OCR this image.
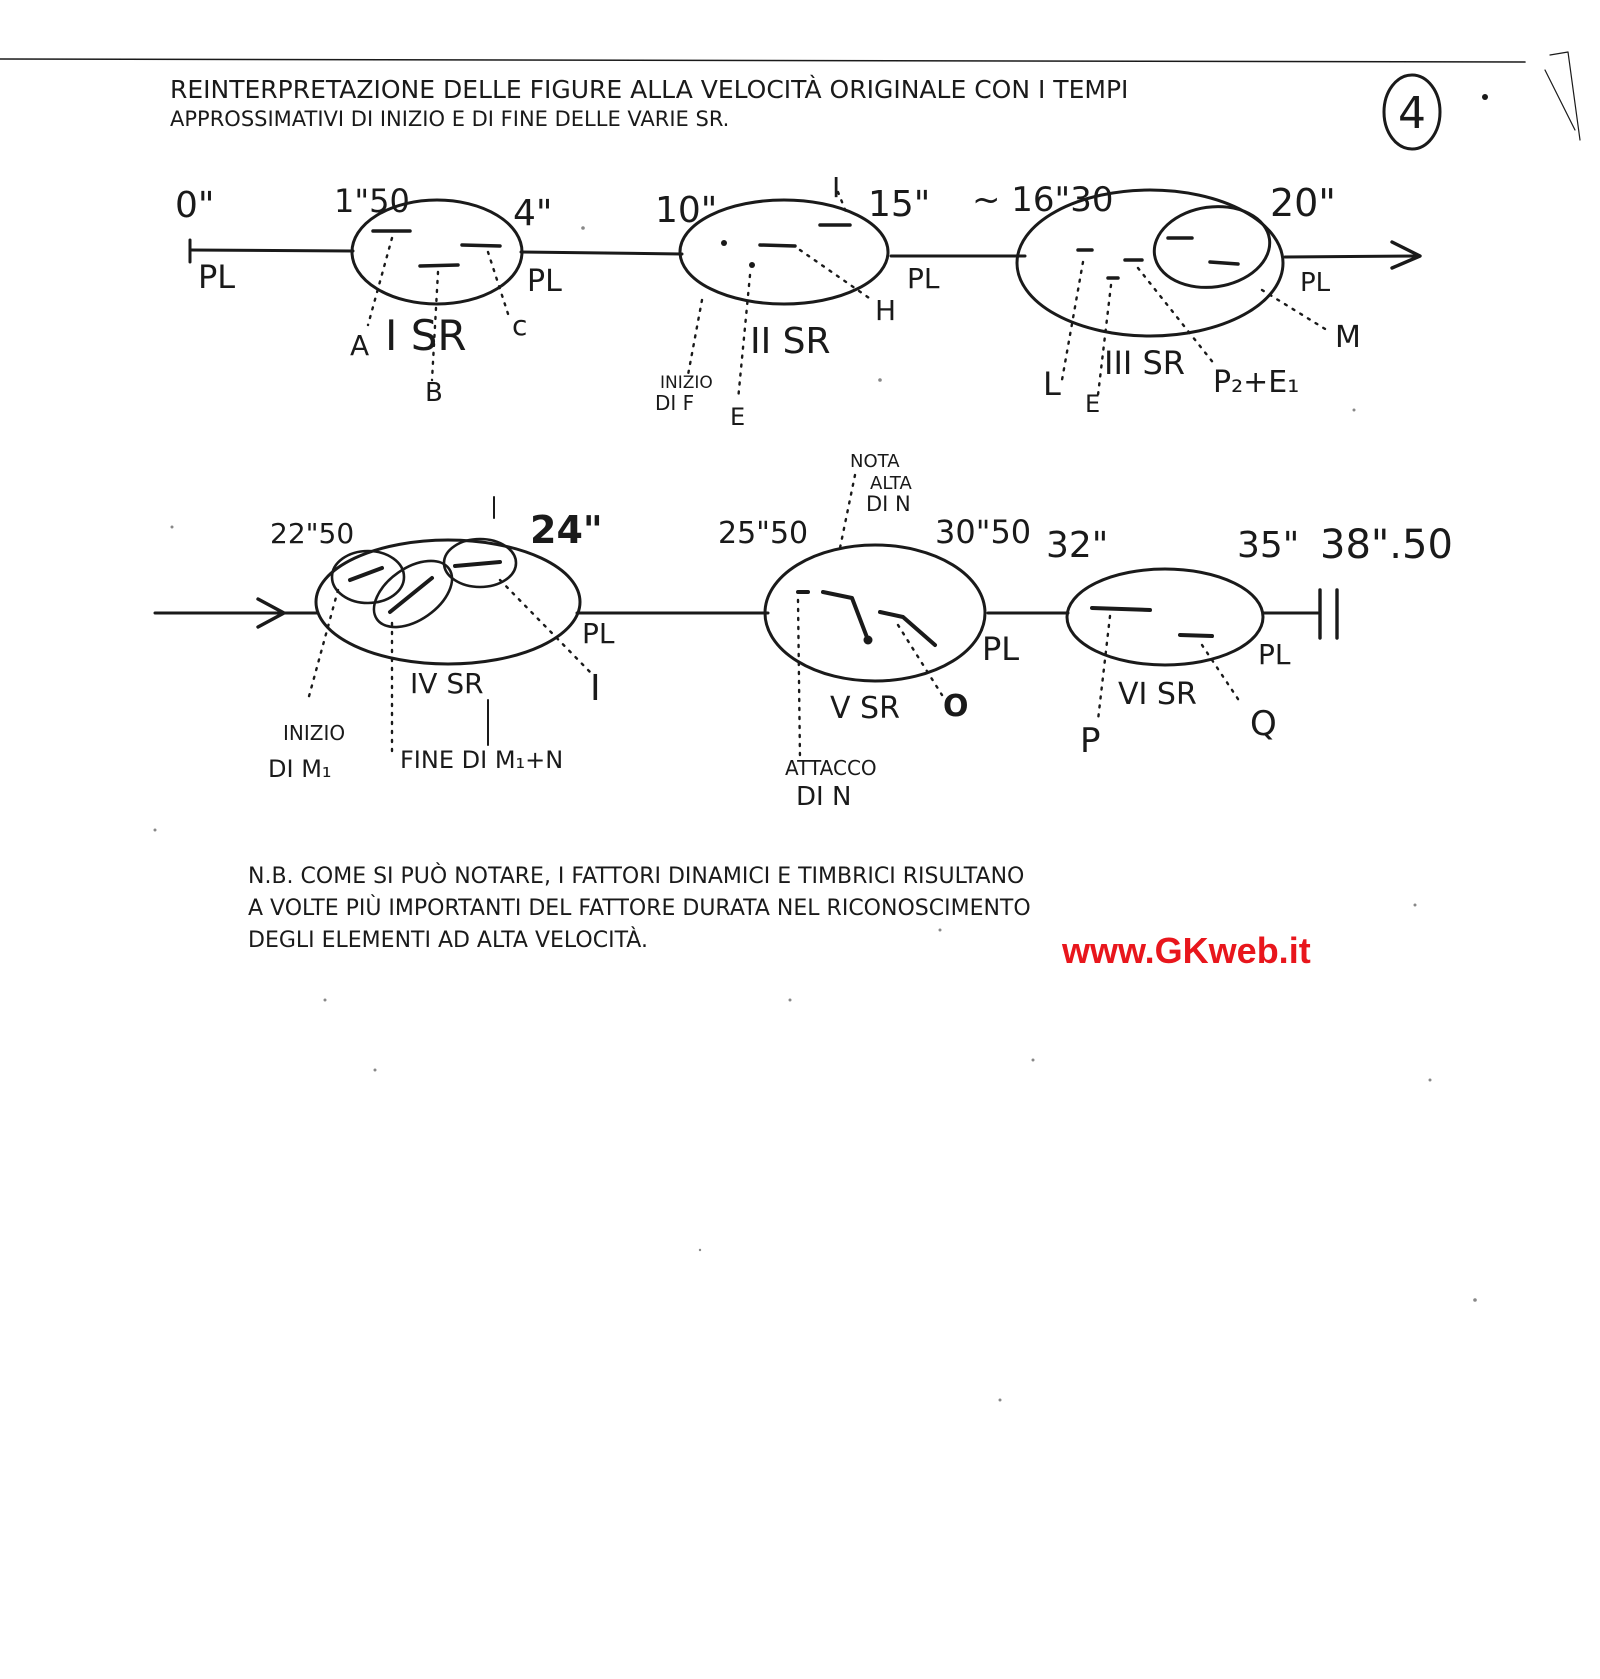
REINTERPRETAZIONE DELLE FIGURE ALLA VELOCITÀ ORIGINALE CON I TEMPI
APPROSSIMATIVI DI INIZIO E DI FINE DELLE VARIE SR.	4
0"	1"50	4"	10"
I 15" ~ 16"30	20"
PL	PL	PL	PL
A I SR
B
c	II SR
H
E
INIZIO
DI F	L
III SR
E
P₂+E₁
M
22"50	24"	25"50	30"50 32"	35" 38".50
PL	PL	PL
IV SR	I
INIZIO
DI M₁	FINE DI M₁+N
V SR O
NOTA
ALTA
DI N
ATTACCO
DI N
VI SR
P	Q
N.B. COME SI PUÒ NOTARE, I FATTORI DINAMICI E TIMBRICI RISULTANO
A VOLTE PIÙ IMPORTANTI DEL FATTORE DURATA NEL RICONOSCIMENTO
DEGLI ELEMENTI AD ALTA VELOCITÀ.	www.GKweb.it
